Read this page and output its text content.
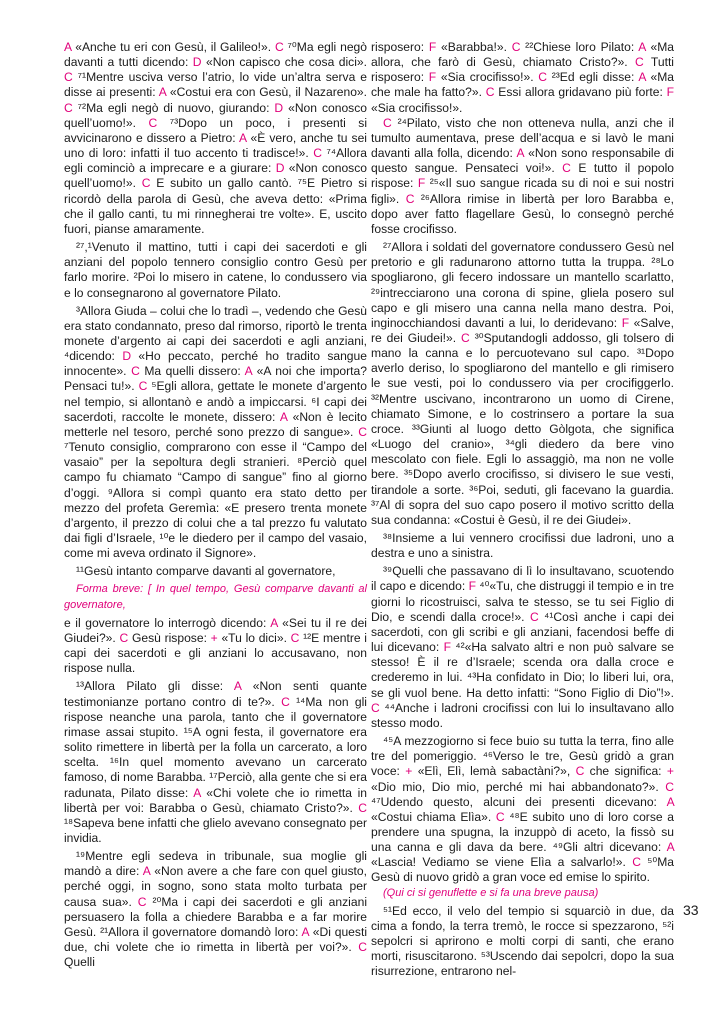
A «Anche tu eri con Gesù, il Galileo!». C ⁷⁰Ma egli negò davanti a tutti dicendo: D «Non capisco che cosa dici». C ⁷¹Mentre usciva verso l’atrio, lo vide un’altra serva e disse ai presenti: A «Costui era con Gesù, il Nazareno». C ⁷²Ma egli negò di nuovo, giurando: D «Non conosco quell’uomo!». C ⁷³Dopo un poco, i presenti si avvicinarono e dissero a Pietro: A «È vero, anche tu sei uno di loro: infatti il tuo accento ti tradisce!». C ⁷⁴Allora egli cominciò a imprecare e a giurare: D «Non conosco quell’uomo!». C E subito un gallo cantò. ⁷⁵E Pietro si ricordò della parola di Gesù, che aveva detto: «Prima che il gallo canti, tu mi rinnegherai tre volte». E, uscito fuori, pianse amaramente.

²⁷,¹Venuto il mattino, tutti i capi dei sacerdoti e gli anziani del popolo tennero consiglio contro Gesù per farlo morire. ²Poi lo misero in catene, lo condussero via e lo consegnarono al governatore Pilato.

³Allora Giuda – colui che lo tradì –, vedendo che Gesù era stato condannato, preso dal rimorso, riportò le trenta monete d’argento ai capi dei sacerdoti e agli anziani, ⁴dicendo: D «Ho peccato, perché ho tradito sangue innocente». C Ma quelli dissero: A «A noi che importa? Pensaci tu!». C ⁵Egli allora, gettate le monete d’argento nel tempio, si allontanò e andò a impiccarsi. ⁶I capi dei sacerdoti, raccolte le monete, dissero: A «Non è lecito metterle nel tesoro, perché sono prezzo di sangue». C ⁷Tenuto consiglio, comprarono con esse il “Campo del vasaio” per la sepoltura degli stranieri. ⁸Perciò quel campo fu chiamato “Campo di sangue” fino al giorno d’oggi. ⁹Allora si compì quanto era stato detto per mezzo del profeta Geremìa: «E presero trenta monete d’argento, il prezzo di colui che a tal prezzo fu valutato dai figli d’Israele, ¹⁰e le diedero per il campo del vasaio, come mi aveva ordinato il Signore».

¹¹Gesù intanto comparve davanti al governatore,

Forma breve: [ In quel tempo, Gesù comparve davanti al governatore,

e il governatore lo interrogò dicendo: A «Sei tu il re dei Giudei?». C Gesù rispose: + «Tu lo dici». C ¹²E mentre i capi dei sacerdoti e gli anziani lo accusavano, non rispose nulla.

¹³Allora Pilato gli disse: A «Non senti quante testimonianze portano contro di te?». C ¹⁴Ma non gli rispose neanche una parola, tanto che il governatore rimase assai stupito. ¹⁵A ogni festa, il governatore era solito rimettere in libertà per la folla un carcerato, a loro scelta. ¹⁶In quel momento avevano un carcerato famoso, di nome Barabba. ¹⁷Perciò, alla gente che si era radunata, Pilato disse: A «Chi volete che io rimetta in libertà per voi: Barabba o Gesù, chiamato Cristo?». C ¹⁸Sapeva bene infatti che glielo avevano consegnato per invidia.

¹⁹Mentre egli sedeva in tribunale, sua moglie gli mandò a dire: A «Non avere a che fare con quel giusto, perché oggi, in sogno, sono stata molto turbata per causa sua». C ²⁰Ma i capi dei sacerdoti e gli anziani persuasero la folla a chiedere Barabba e a far morire Gesù. ²¹Allora il governatore domandò loro: A «Di questi due, chi volete che io rimetta in libertà per voi?». C Quelli

risposero: F «Barabba!». C ²²Chiese loro Pilato: A «Ma allora, che farò di Gesù, chiamato Cristo?». C Tutti risposero: F «Sia crocifisso!». C ²³Ed egli disse: A «Ma che male ha fatto?». C Essi allora gridavano più forte: F «Sia crocifisso!».

C ²⁴Pilato, visto che non otteneva nulla, anzi che il tumulto aumentava, prese dell’acqua e si lavò le mani davanti alla folla, dicendo: A «Non sono responsabile di questo sangue. Pensateci voi!». C E tutto il popolo rispose: F ²⁵«Il suo sangue ricada su di noi e sui nostri figli». C ²⁶Allora rimise in libertà per loro Barabba e, dopo aver fatto flagellare Gesù, lo consegnò perché fosse crocifisso.

²⁷Allora i soldati del governatore condussero Gesù nel pretorio e gli radunarono attorno tutta la truppa. ²⁸Lo spogliarono, gli fecero indossare un mantello scarlatto, ²⁹intrecciarono una corona di spine, gliela posero sul capo e gli misero una canna nella mano destra. Poi, inginocchiandosi davanti a lui, lo deridevano: F «Salve, re dei Giudei!». C ³⁰Sputandogli addosso, gli tolsero di mano la canna e lo percuotevano sul capo. ³¹Dopo averlo deriso, lo spogliarono del mantello e gli rimisero le sue vesti, poi lo condussero via per crocifiggerlo. ³²Mentre uscivano, incontrarono un uomo di Cirene, chiamato Simone, e lo costrinsero a portare la sua croce. ³³Giunti al luogo detto Gòlgota, che significa «Luogo del cranio», ³⁴gli diedero da bere vino mescolato con fiele. Egli lo assaggiò, ma non ne volle bere. ³⁵Dopo averlo crocifisso, si divisero le sue vesti, tirandole a sorte. ³⁶Poi, seduti, gli facevano la guardia. ³⁷Al di sopra del suo capo posero il motivo scritto della sua condanna: «Costui è Gesù, il re dei Giudei».

³⁸Insieme a lui vennero crocifissi due ladroni, uno a destra e uno a sinistra.

³⁹Quelli che passavano di lì lo insultavano, scuotendo il capo e dicendo: F ⁴⁰«Tu, che distruggi il tempio e in tre giorni lo ricostruisci, salva te stesso, se tu sei Figlio di Dio, e scendi dalla croce!». C ⁴¹Così anche i capi dei sacerdoti, con gli scribi e gli anziani, facendosi beffe di lui dicevano: F ⁴²«Ha salvato altri e non può salvare se stesso! È il re d’Israele; scenda ora dalla croce e crederemo in lui. ⁴³Ha confidato in Dio; lo liberi lui, ora, se gli vuol bene. Ha detto infatti: “Sono Figlio di Dio”!». C ⁴⁴Anche i ladroni crocifissi con lui lo insultavano allo stesso modo.

⁴⁵A mezzogiorno si fece buio su tutta la terra, fino alle tre del pomeriggio. ⁴⁶Verso le tre, Gesù gridò a gran voce: + «Elì, Elì, lemà sabactàni?», C che significa: + «Dio mio, Dio mio, perché mi hai abbandonato?». C ⁴⁷Udendo questo, alcuni dei presenti dicevano: A «Costui chiama Elìa». C ⁴⁸E subito uno di loro corse a prendere una spugna, la inzuppò di aceto, la fissò su una canna e gli dava da bere. ⁴⁹Gli altri dicevano: A «Lascia! Vediamo se viene Elìa a salvarlo!». C ⁵⁰Ma Gesù di nuovo gridò a gran voce ed emise lo spirito.

(Qui ci si genuflette e si fa una breve pausa)

⁵¹Ed ecco, il velo del tempio si squarciò in due, da cima a fondo, la terra tremò, le rocce si spezzarono, ⁵²i sepolcri si aprirono e molti corpi di santi, che erano morti, risuscitarono. ⁵³Uscendo dai sepolcri, dopo la sua risurrezione, entrarono nel-

33
